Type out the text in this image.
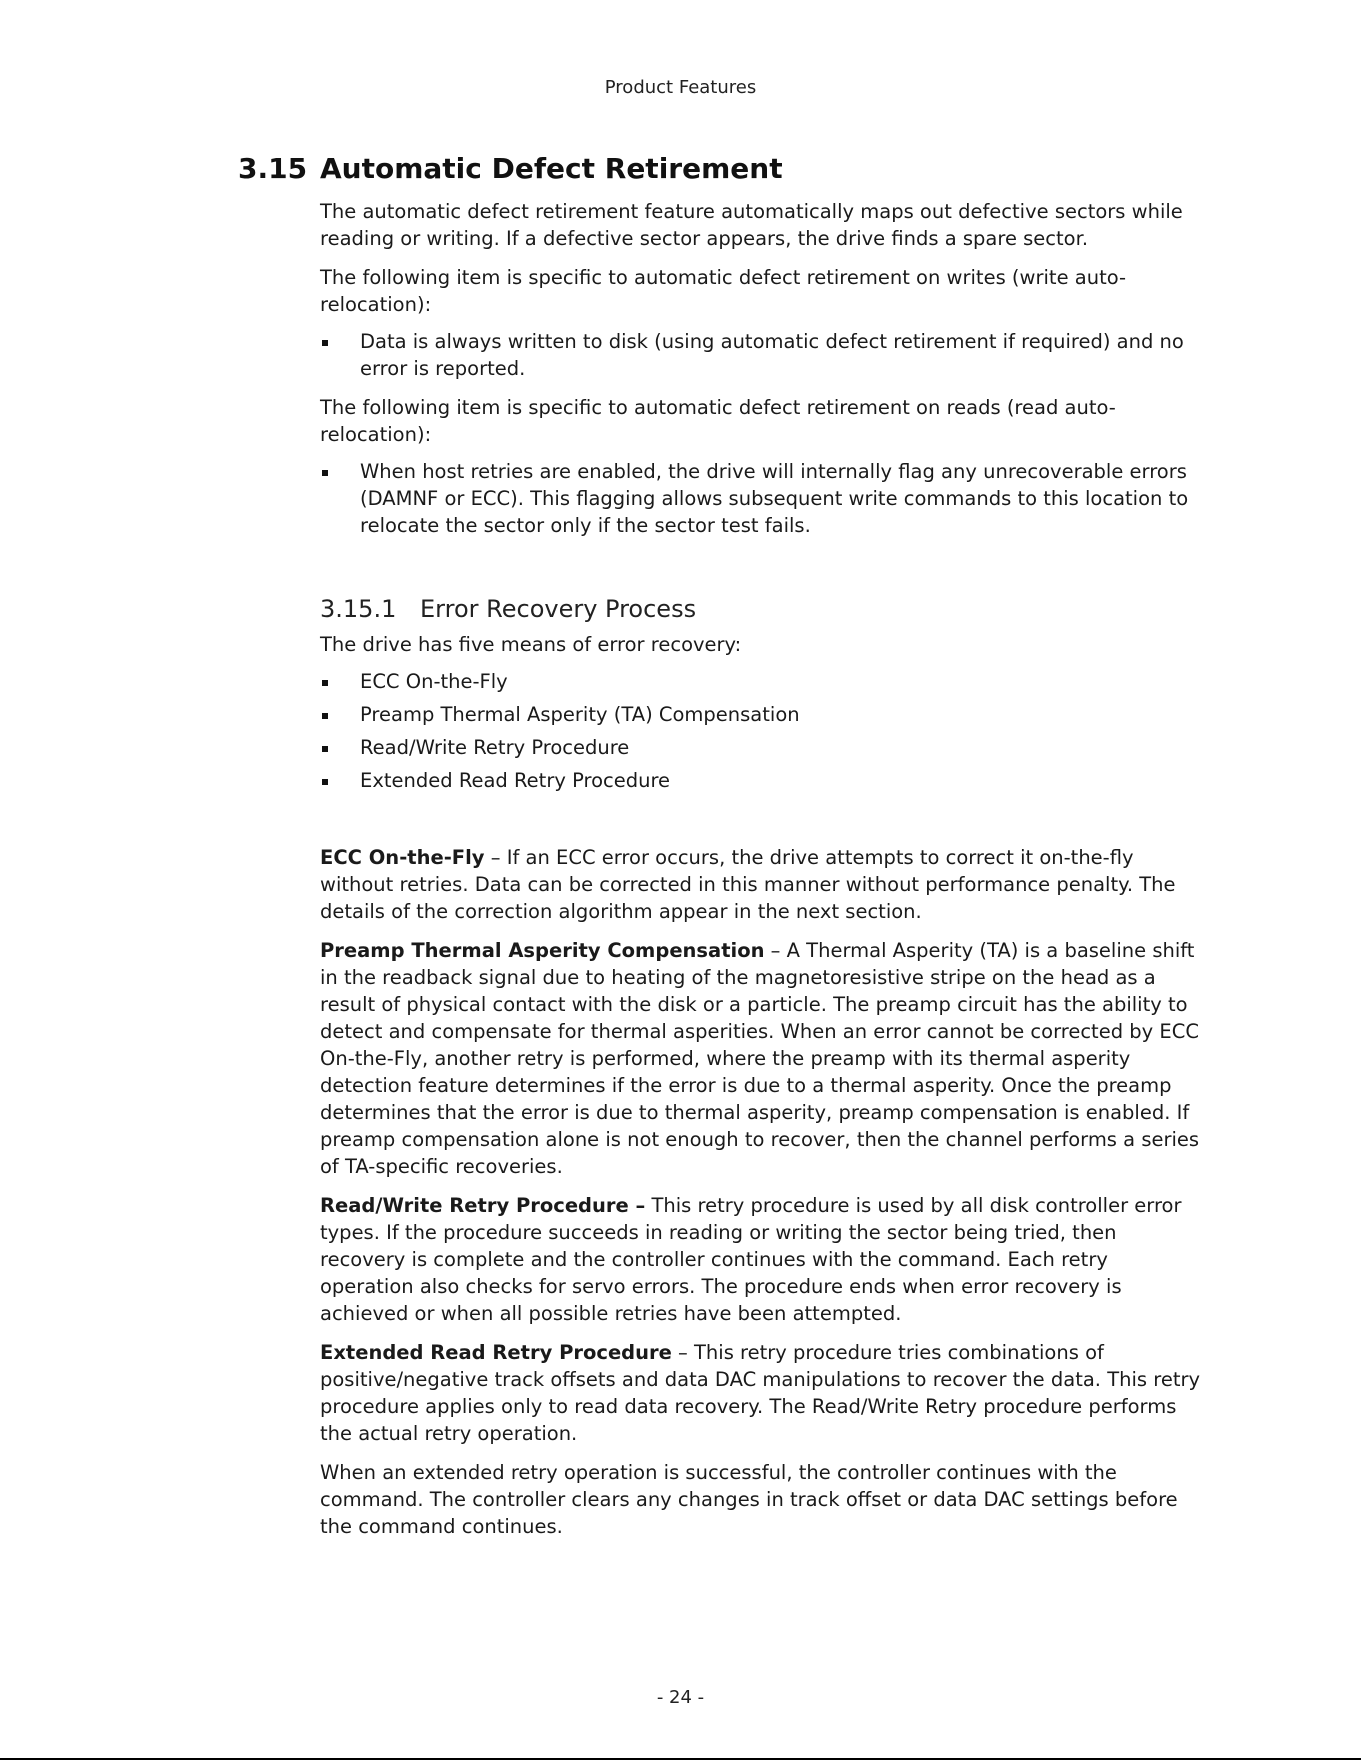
Product Features
3.15 Automatic Defect Retirement

The automatic defect retirement feature automatically maps out defective sectors while reading or writing. If a defective sector appears, the drive finds a spare sector.

The following item is specific to automatic defect retirement on writes (write auto-relocation):

Data is always written to disk (using automatic defect retirement if required) and no error is reported.

The following item is specific to automatic defect retirement on reads (read auto-relocation):

When host retries are enabled, the drive will internally flag any unrecoverable errors (DAMNF or ECC). This flagging allows subsequent write commands to this location to relocate the sector only if the sector test fails.
3.15.1 Error Recovery Process

The drive has five means of error recovery:

ECC On-the-Fly
Preamp Thermal Asperity (TA) Compensation
Read/Write Retry Procedure
Extended Read Retry Procedure

ECC On-the-Fly – If an ECC error occurs, the drive attempts to correct it on-the-fly without retries. Data can be corrected in this manner without performance penalty. The details of the correction algorithm appear in the next section.

Preamp Thermal Asperity Compensation – A Thermal Asperity (TA) is a baseline shift in the readback signal due to heating of the magnetoresistive stripe on the head as a result of physical contact with the disk or a particle. The preamp circuit has the ability to detect and compensate for thermal asperities. When an error cannot be corrected by ECC On-the-Fly, another retry is performed, where the preamp with its thermal asperity detection feature determines if the error is due to a thermal asperity. Once the preamp determines that the error is due to thermal asperity, preamp compensation is enabled. If preamp compensation alone is not enough to recover, then the channel performs a series of TA-specific recoveries.

Read/Write Retry Procedure – This retry procedure is used by all disk controller error types. If the procedure succeeds in reading or writing the sector being tried, then recovery is complete and the controller continues with the command. Each retry operation also checks for servo errors. The procedure ends when error recovery is achieved or when all possible retries have been attempted.

Extended Read Retry Procedure – This retry procedure tries combinations of positive/negative track offsets and data DAC manipulations to recover the data. This retry procedure applies only to read data recovery. The Read/Write Retry procedure performs the actual retry operation.

When an extended retry operation is successful, the controller continues with the command. The controller clears any changes in track offset or data DAC settings before the command continues.

- 24 -
